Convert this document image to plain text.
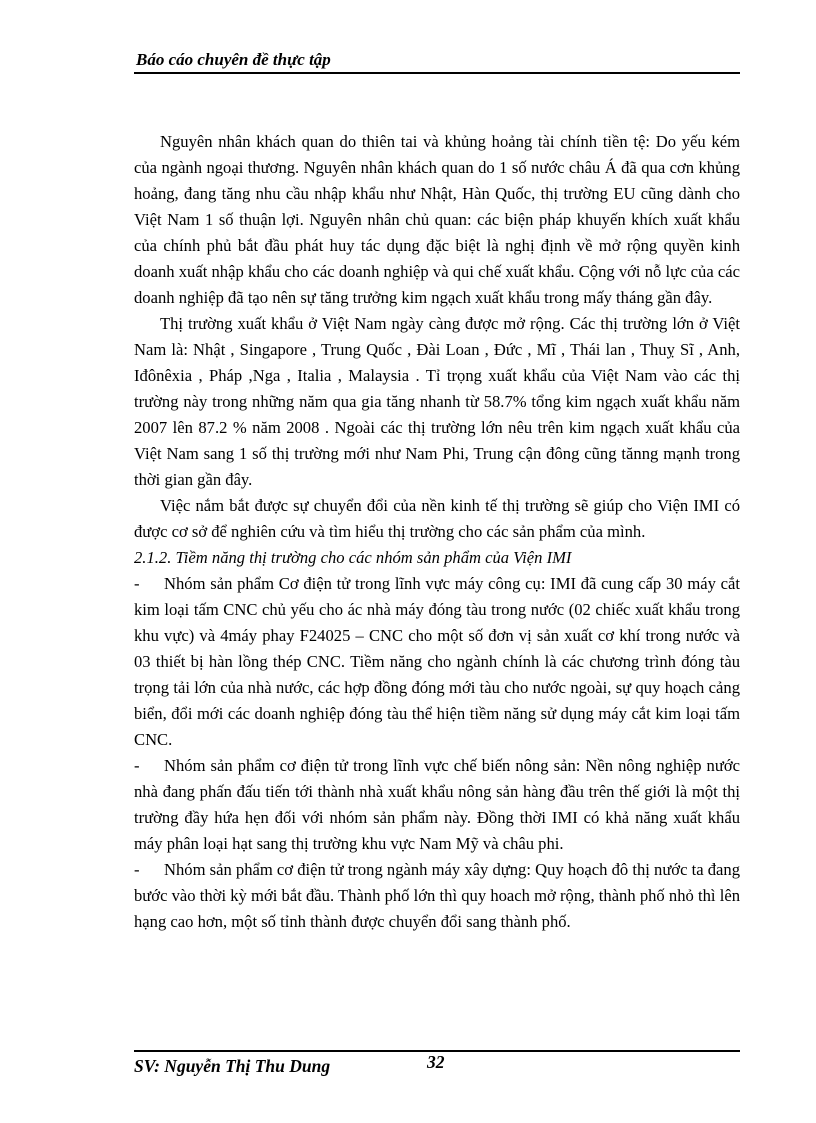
Báo cáo chuyên đề thực tập

Nguyên nhân khách quan do thiên tai và khủng hoảng tài chính tiền tệ: Do yếu kém của ngành ngoại thương. Nguyên nhân khách quan do 1 số nước châu Á đã qua cơn khủng hoảng, đang tăng nhu cầu nhập khẩu như Nhật, Hàn Quốc, thị trường EU cũng dành cho Việt Nam 1 số thuận lợi. Nguyên nhân chủ quan: các biện pháp khuyến khích xuất khẩu của chính phủ bắt đầu phát huy tác dụng đặc biệt là nghị định về mở rộng quyền kinh doanh xuất nhập khẩu cho các doanh nghiệp và qui chế xuất khẩu. Cộng với nỗ lực của các doanh nghiệp đã tạo nên sự tăng trưởng kim ngạch xuất khẩu trong mấy tháng gần đây.

Thị trường xuất khẩu ở Việt Nam ngày càng được mở rộng. Các thị trường lớn ở Việt Nam là: Nhật , Singapore , Trung Quốc , Đài Loan , Đức , Mĩ , Thái lan , Thuỵ Sĩ , Anh, Iđônêxia , Pháp ,Nga , Italia , Malaysia . Tỉ trọng xuất khẩu của Việt Nam vào các thị trường này trong những năm qua gia tăng nhanh từ 58.7% tổng kim ngạch xuất khẩu năm 2007 lên 87.2 % năm 2008 . Ngoài các thị trường lớn nêu trên kim ngạch xuất khẩu của Việt Nam sang 1 số thị trường mới như Nam Phi, Trung cận đông cũng tănng mạnh trong thời gian gần đây.

Việc nắm bắt được sự chuyển đổi của nền kinh tế thị trường sẽ giúp cho Viện IMI có được cơ sở để nghiên cứu và tìm hiểu thị trường cho các sản phẩm của mình.

2.1.2. Tiềm năng thị trường cho các nhóm sản phẩm của Viện IMI

- Nhóm sản phẩm Cơ điện tử trong lĩnh vực máy công cụ: IMI đã cung cấp 30 máy cắt kim loại tấm CNC chủ yếu cho ác nhà máy đóng tàu trong nước (02 chiếc xuất khẩu trong khu vực) và 4máy phay F24025 – CNC cho một số đơn vị sản xuất cơ khí trong nước và 03 thiết bị hàn lồng thép CNC. Tiềm năng cho ngành chính là các chương trình đóng tàu trọng tải lớn của nhà nước, các hợp đồng đóng mới tàu cho nước ngoài, sự quy hoạch cảng biển, đổi mới các doanh nghiệp đóng tàu thể hiện tiềm năng sử dụng máy cắt kim loại tấm CNC.

- Nhóm sản phẩm cơ điện tử trong lĩnh vực chế biến nông sản: Nền nông nghiệp nước nhà đang phấn đấu tiến tới thành nhà xuất khẩu nông sản hàng đầu trên thế giới là một thị trường đầy hứa hẹn đối với nhóm sản phẩm này. Đồng thời IMI có khả năng xuất khẩu máy phân loại hạt sang thị trường khu vực Nam Mỹ và châu phi.

- Nhóm sản phẩm cơ điện tử trong ngành máy xây dựng: Quy hoạch đô thị nước ta đang bước vào thời kỳ mới bắt đầu. Thành phố lớn thì quy hoach mở rộng, thành phố nhỏ thì lên hạng cao hơn, một số tỉnh thành được chuyển đổi sang thành phố.

SV: Nguyễn Thị Thu Dung	32
